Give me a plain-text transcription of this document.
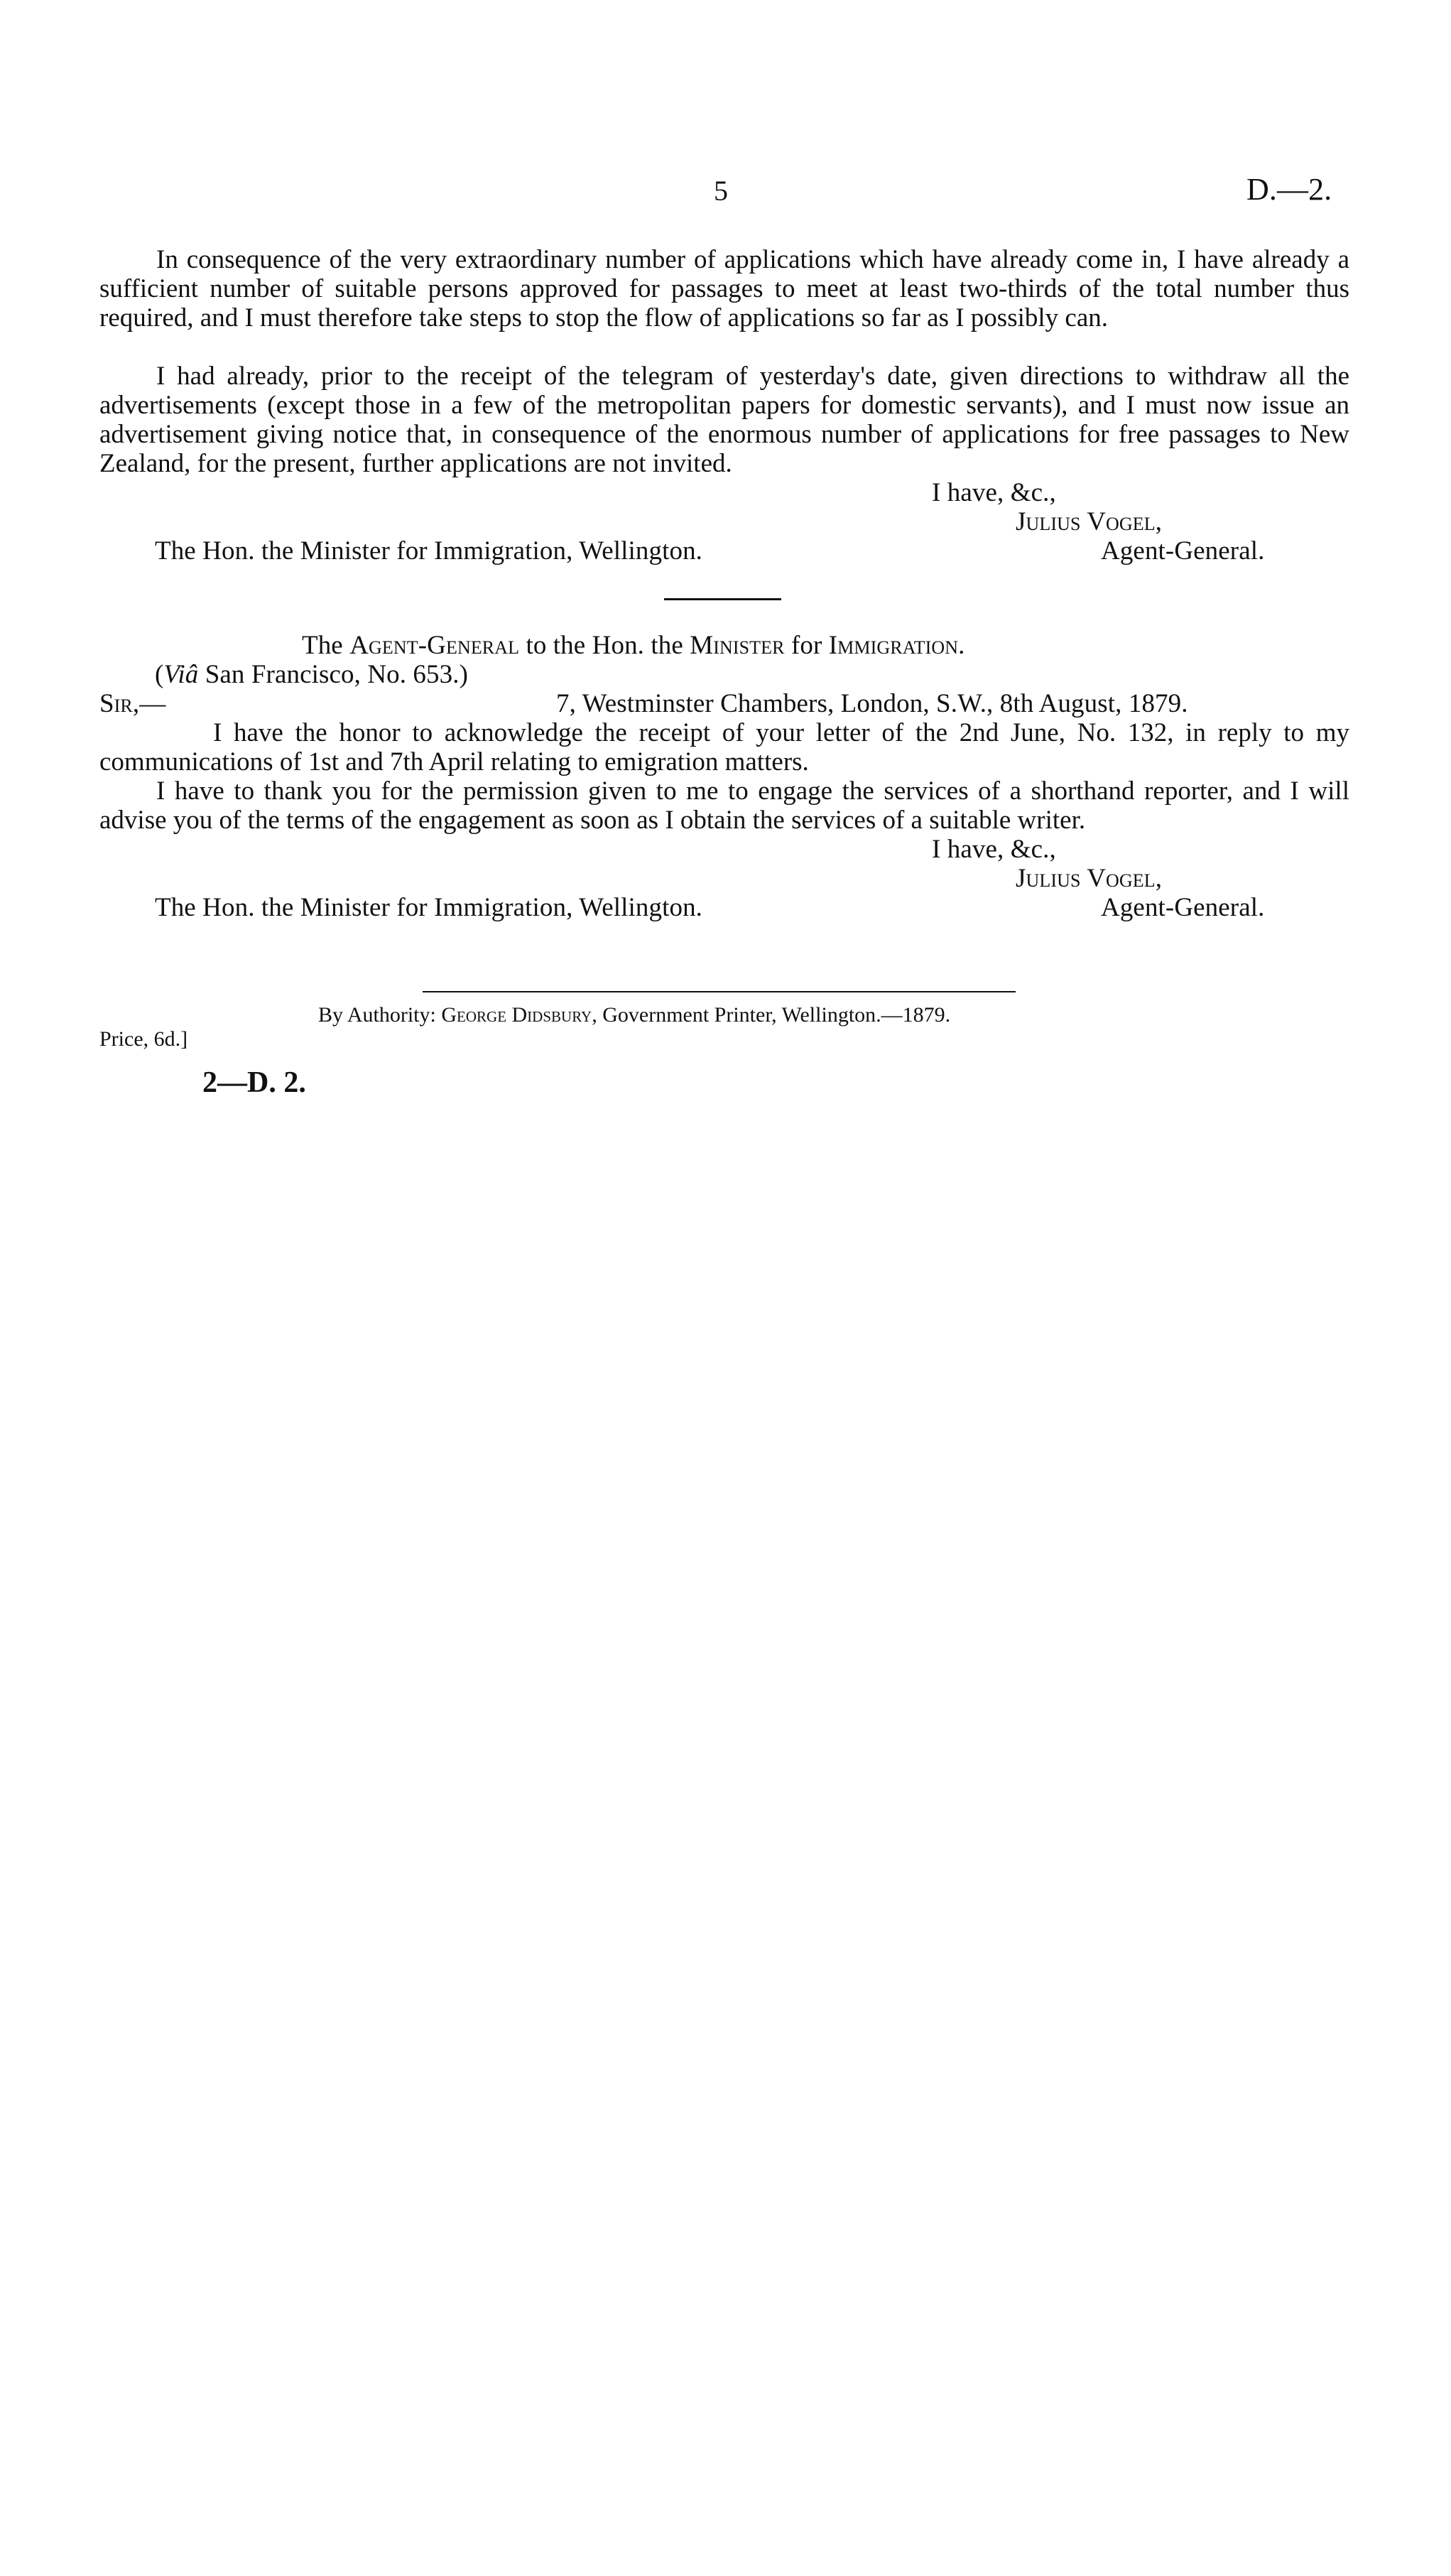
5	D.—2.
In consequence of the very extraordinary number of applications which have already come in, I have already a sufficient number of suitable persons approved for passages to meet at least two-thirds of the total number thus required, and I must therefore take steps to stop the flow of applications so far as I possibly can.
I had already, prior to the receipt of the telegram of yesterday's date, given directions to withdraw all the advertisements (except those in a few of the metropolitan papers for domestic servants), and I must now issue an advertisement giving notice that, in consequence of the enormous number of applications for free passages to New Zealand, for the present, further applications are not invited.
I have, &c.,
Julius Vogel,
The Hon. the Minister for Immigration, Wellington.	Agent-General.
The Agent-General to the Hon. the Minister for Immigration.
(Viâ San Francisco, No. 653.)
Sir,—	7, Westminster Chambers, London, S.W., 8th August, 1879.
I have the honor to acknowledge the receipt of your letter of the 2nd June, No. 132, in reply to my communications of 1st and 7th April relating to emigration matters.
I have to thank you for the permission given to me to engage the services of a shorthand reporter, and I will advise you of the terms of the engagement as soon as I obtain the services of a suitable writer.
I have, &c.,
Julius Vogel,
The Hon. the Minister for Immigration, Wellington.	Agent-General.
By Authority: George Didsbury, Government Printer, Wellington.—1879.
Price, 6d.]
2—D. 2.
